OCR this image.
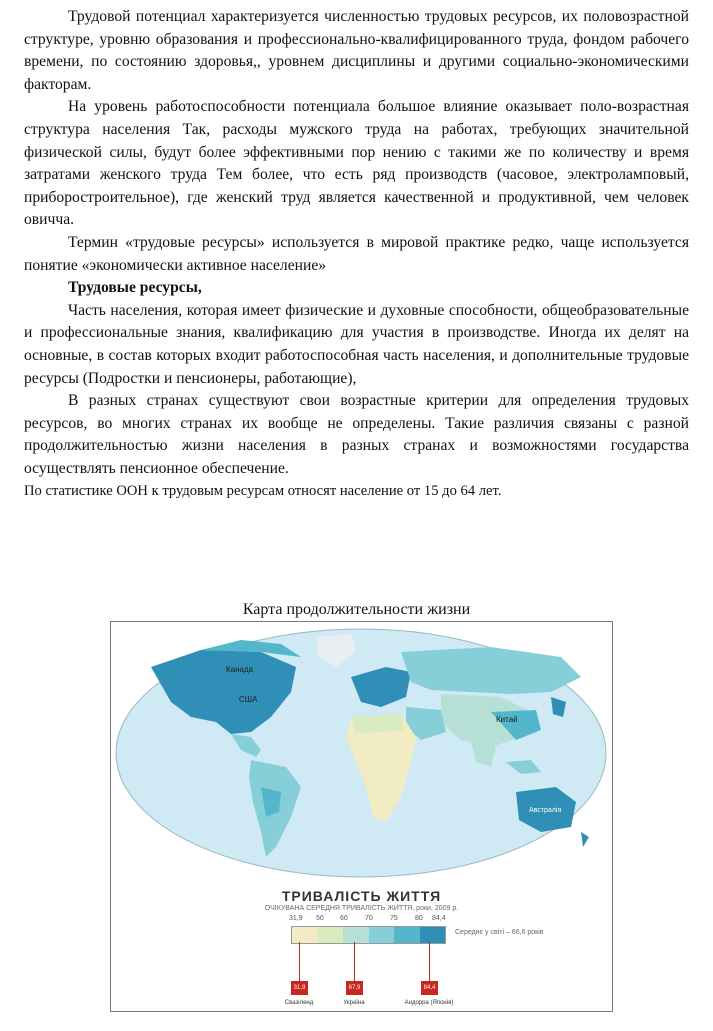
Трудовой потенциал характеризуется численностью трудовых ресурсов, их половозрастной структуре, уровню образования и профессионально-квалифицированного труда, фондом рабочего времени, по состоянию здоровья,, уровнем дисциплины и другими социально-экономическими факторам.

На уровень работоспособности потенциала большое влияние оказывает поло-возрастная структура населения Так, расходы мужского труда на работах, требующих значительной физической силы, будут более эффективными пор нению с такими же по количеству и время затратами женского труда Тем более, что есть ряд производств (часовое, электроламповый, приборостроительное), где женский труд является качественной и продуктивной, чем человек овичча.

Термин «трудовые ресурсы» используется в мировой практике редко, чаще используется понятие «экономически активное население»

Трудовые ресурсы,

Часть населения, которая имеет физические и духовные способности, общеобразовательные и профессиональные знания, квалификацию для участия в производстве. Иногда их делят на основные, в состав которых входит работоспособная часть населения, и дополнительные трудовые ресурсы (Подростки и пенсионеры, работающие),

В разных странах существуют свои возрастные критерии для определения трудовых ресурсов, во многих странах их вообще не определены. Такие различия связаны с разной продолжительностью жизни населения в разных странах и возможностями государства осуществлять пенсионное обеспечение.

По статистике ООН к трудовым ресурсам относят население от 15 до 64 лет.

Карта продолжительности жизни
Канада
США
Китай
Австралія
ТРИВАЛІСТЬ ЖИТТЯ
ОЧІКУВАНА СЕРЕДНЯ ТРИВАЛІСТЬ ЖИТТЯ, роки, 2009 р.
31,9 50 60 70 75 80 84,4
Середнє у світі – 66,6 років
31,9	67,9	84,4
Свазіленд	Україна	Андорра (Японія)
